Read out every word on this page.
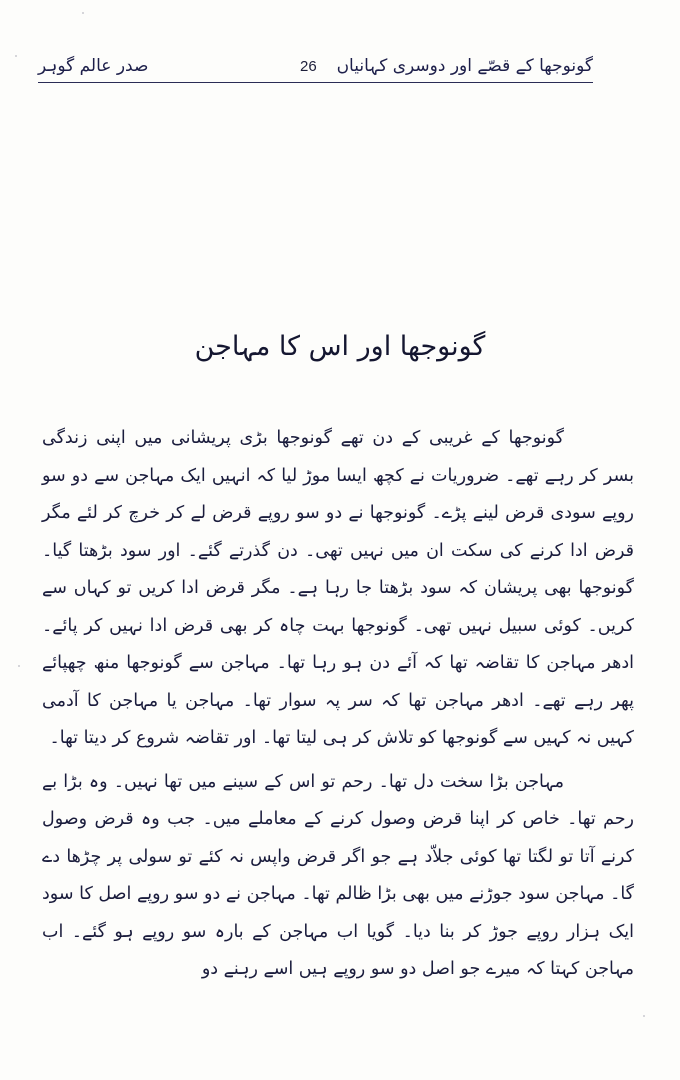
گونوجھا کے قصّے اور دوسری کہانیاں
26
صدر عالم گوہر
گونوجھا اور اس کا مہاجن

گونوجھا کے غریبی کے دن تھے گونوجھا بڑی پریشانی میں اپنی زندگی بسر کر رہے تھے۔ ضروریات نے کچھ ایسا موڑ لیا کہ انہیں ایک مہاجن سے دو سو روپے سودی قرض لینے پڑے۔ گونوجھا نے دو سو روپے قرض لے کر خرچ کر لئے مگر قرض ادا کرنے کی سکت ان میں نہیں تھی۔ دن گذرتے گئے۔ اور سود بڑھتا گیا۔ گونوجھا بھی پریشان کہ سود بڑھتا جا رہا ہے۔ مگر قرض ادا کریں تو کہاں سے کریں۔ کوئی سبیل نہیں تھی۔ گونوجھا بہت چاہ کر بھی قرض ادا نہیں کر پائے۔ ادھر مہاجن کا تقاضہ تھا کہ آئے دن ہو رہا تھا۔ مہاجن سے گونوجھا منھ چھپائے پھر رہے تھے۔ ادھر مہاجن تھا کہ سر پہ سوار تھا۔ مہاجن یا مہاجن کا آدمی کہیں نہ کہیں سے گونوجھا کو تلاش کر ہی لیتا تھا۔ اور تقاضہ شروع کر دیتا تھا۔

مہاجن بڑا سخت دل تھا۔ رحم تو اس کے سینے میں تھا نہیں۔ وہ بڑا بے رحم تھا۔ خاص کر اپنا قرض وصول کرنے کے معاملے میں۔ جب وہ قرض وصول کرنے آتا تو لگتا تھا کوئی جلاّد ہے جو اگر قرض واپس نہ کئے تو سولی پر چڑھا دے گا۔ مہاجن سود جوڑنے میں بھی بڑا ظالم تھا۔ مہاجن نے دو سو روپے اصل کا سود ایک ہزار روپے جوڑ کر بنا دیا۔ گویا اب مہاجن کے بارہ سو روپے ہو گئے۔ اب مہاجن کہتا کہ میرے جو اصل دو سو روپے ہیں اسے رہنے دو
